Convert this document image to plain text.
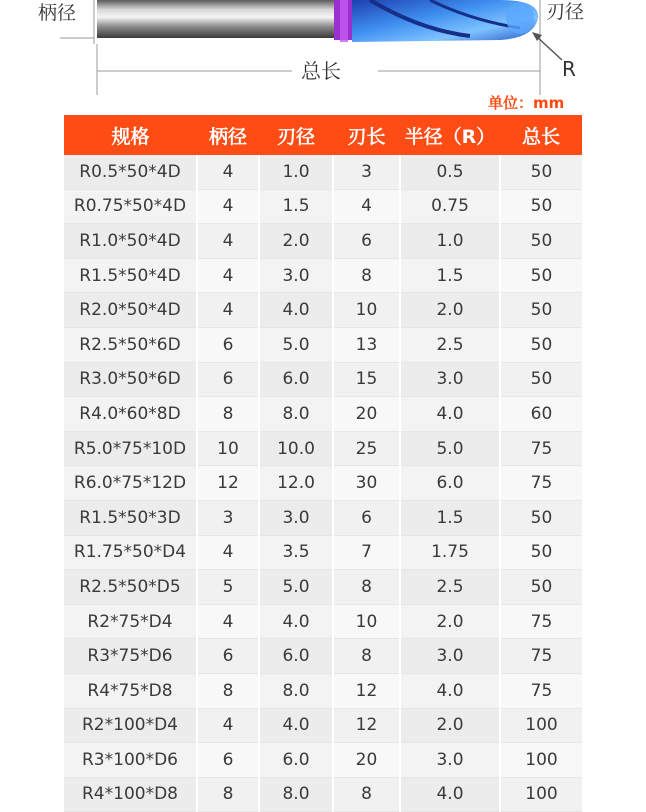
柄径	刃径
总长	R
单位：mm
规格	柄径	刃径	刃长	半径（R）	总长
R0.5*50*4D	4	1.0	3	0.5	50
R0.75*50*4D	4	1.5	4	0.75	50
R1.0*50*4D	4	2.0	6	1.0	50
R1.5*50*4D	4	3.0	8	1.5	50
R2.0*50*4D	4	4.0	10	2.0	50
R2.5*50*6D	6	5.0	13	2.5	50
R3.0*50*6D	6	6.0	15	3.0	50
R4.0*60*8D	8	8.0	20	4.0	60
R5.0*75*10D	10	10.0	25	5.0	75
R6.0*75*12D	12	12.0	30	6.0	75
R1.5*50*3D	3	3.0	6	1.5	50
R1.75*50*D4	4	3.5	7	1.75	50
R2.5*50*D5	5	5.0	8	2.5	50
R2*75*D4	4	4.0	10	2.0	75
R3*75*D6	6	6.0	8	3.0	75
R4*75*D8	8	8.0	12	4.0	75
R2*100*D4	4	4.0	12	2.0	100
R3*100*D6	6	6.0	20	3.0	100
R4*100*D8	8	8.0	8	4.0	100
